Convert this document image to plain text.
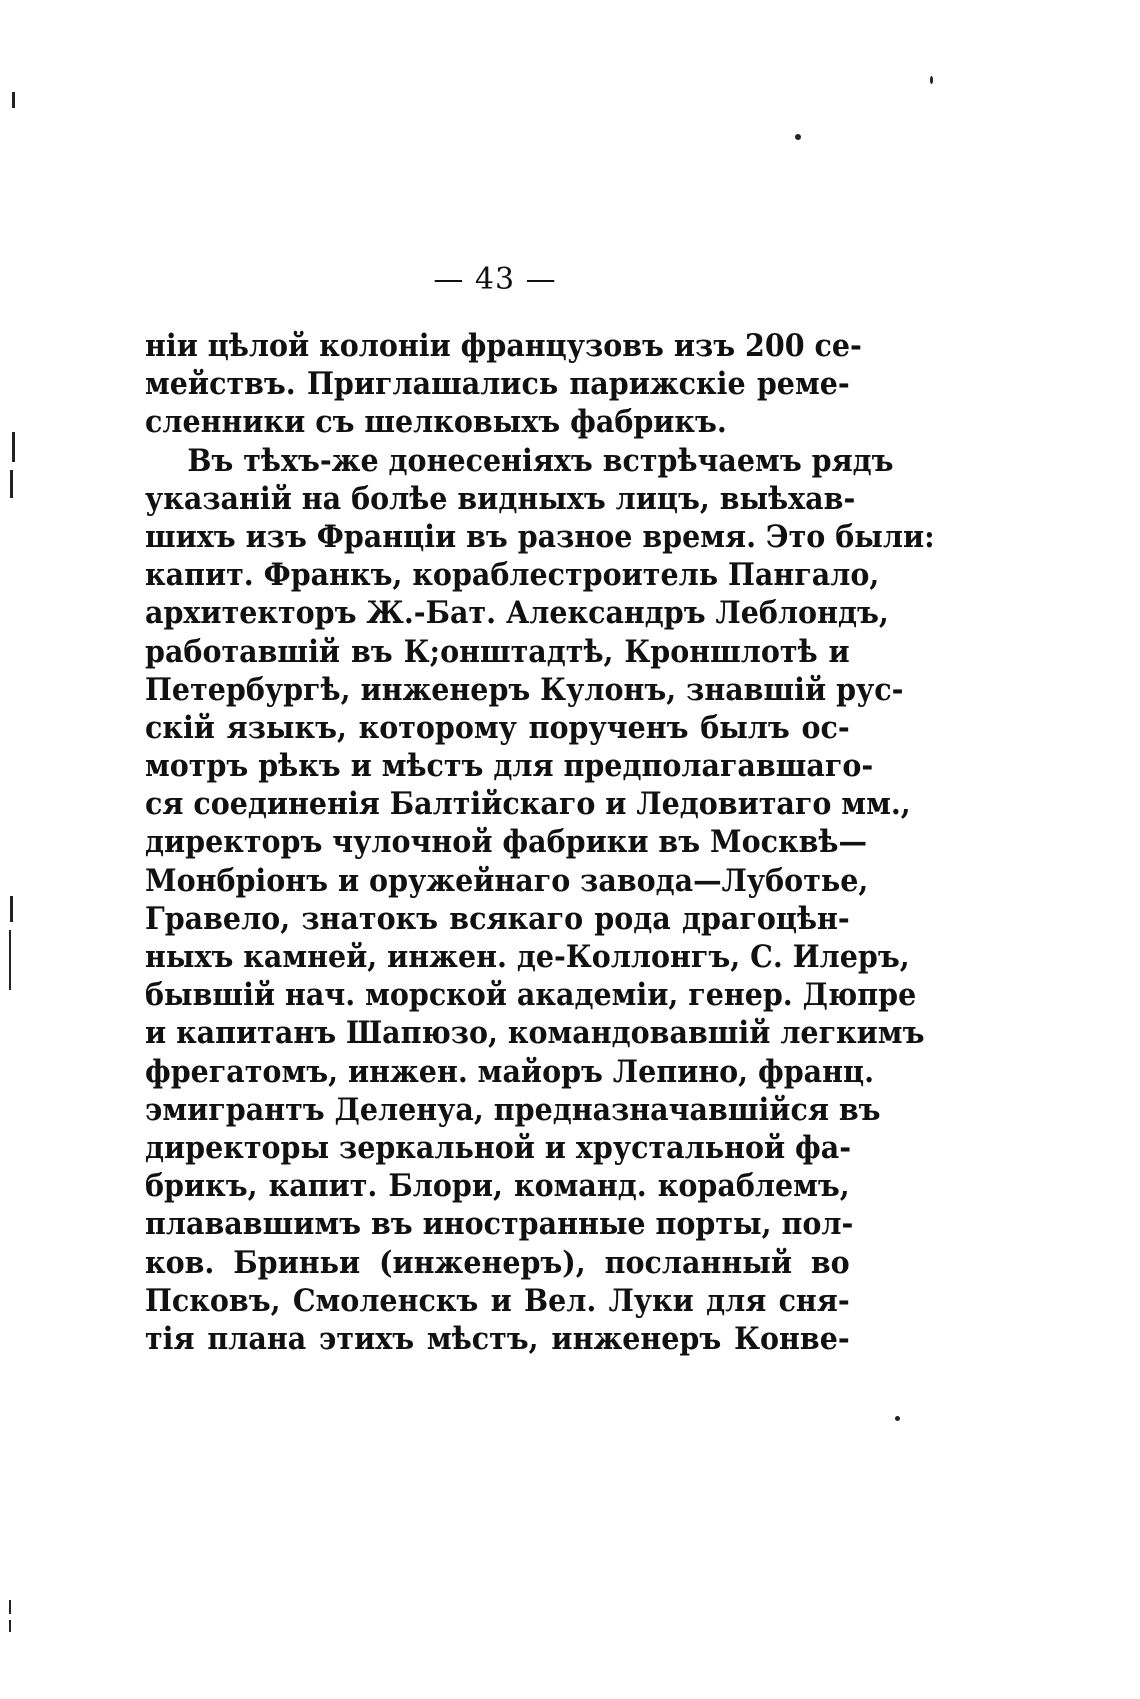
— 43 —
ніи цѣлой колоніи французовъ изъ 200 се-
мействъ. Приглашались парижскіе реме-
сленники съ шелковыхъ фабрикъ.
Въ тѣхъ-же донесеніяхъ встрѣчаемъ рядъ
указаній на болѣе видныхъ лицъ, выѣхав-
шихъ изъ Франціи въ разное время. Это были:
капит. Франкъ, кораблестроитель Пангало,
архитекторъ Ж.-Бат. Александръ Леблондъ,
работавшій въ К;онштадтѣ, Кроншлотѣ и
Петербургѣ, инженеръ Кулонъ, знавшій рус-
скій языкъ, которому порученъ былъ ос-
мотръ рѣкъ и мѣстъ для предполагавшаго-
ся соединенія Балтійскаго и Ледовитаго мм.,
директоръ чулочной фабрики въ Москвѣ—
Монбріонъ и оружейнаго завода—Луботье,
Гравело, знатокъ всякаго рода драгоцѣн-
ныхъ камней, инжен. де-Коллонгъ, С. Илеръ,
бывшій нач. морской академіи, генер. Дюпре
и капитанъ Шапюзо, командовавшій легкимъ
фрегатомъ, инжен. майоръ Лепино, франц.
эмигрантъ Деленуа, предназначавшійся въ
директоры зеркальной и хрустальной фа-
брикъ, капит. Блори, команд. кораблемъ,
плававшимъ въ иностранные порты, пол-
ков. Бриньи (инженеръ), посланный во
Псковъ, Смоленскъ и Вел. Луки для сня-
тія плана этихъ мѣстъ, инженеръ Конве-
